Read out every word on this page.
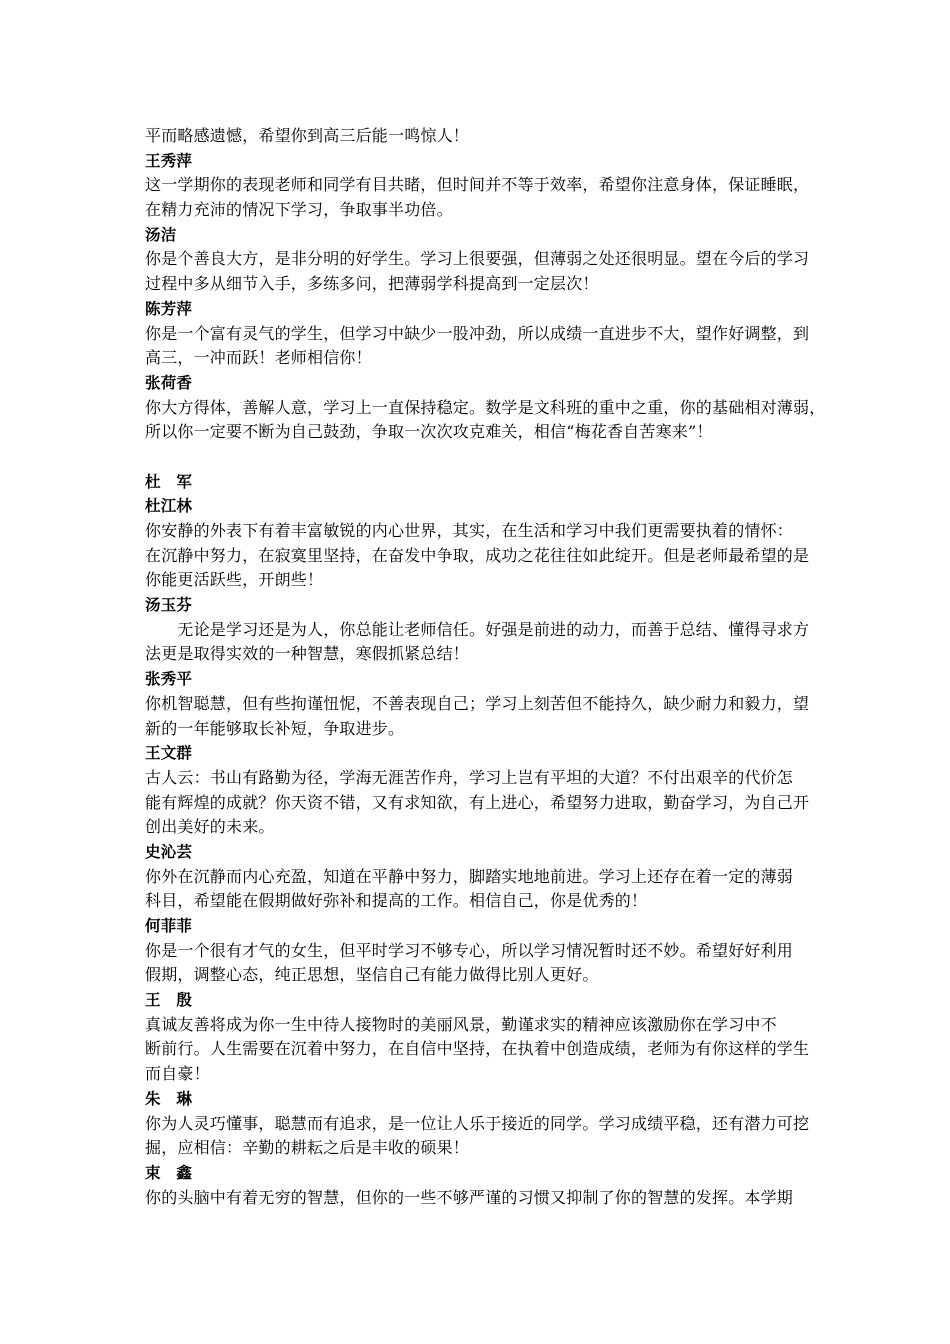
平而略感遗憾，希望你到高三后能一鸣惊人！
王秀萍
这一学期你的表现老师和同学有目共睹，但时间并不等于效率，希望你注意身体，保证睡眠，
在精力充沛的情况下学习，争取事半功倍。
汤洁
你是个善良大方，是非分明的好学生。学习上很要强，但薄弱之处还很明显。望在今后的学习
过程中多从细节入手，多练多问，把薄弱学科提高到一定层次！
陈芳萍
你是一个富有灵气的学生，但学习中缺少一股冲劲，所以成绩一直进步不大，望作好调整，到
高三，一冲而跃！老师相信你！
张荷香
你大方得体，善解人意，学习上一直保持稳定。数学是文科班的重中之重，你的基础相对薄弱，
所以你一定要不断为自己鼓劲，争取一次次攻克难关，相信“梅花香自苦寒来”！
杜　军
杜江林
你安静的外表下有着丰富敏锐的内心世界，其实，在生活和学习中我们更需要执着的情怀：
在沉静中努力，在寂寞里坚持，在奋发中争取，成功之花往往如此绽开。但是老师最希望的是
你能更活跃些，开朗些！
汤玉芬
　　无论是学习还是为人，你总能让老师信任。好强是前进的动力，而善于总结、懂得寻求方
法更是取得实效的一种智慧，寒假抓紧总结！
张秀平
你机智聪慧，但有些拘谨忸怩，不善表现自己；学习上刻苦但不能持久，缺少耐力和毅力，望
新的一年能够取长补短，争取进步。
王文群
古人云：书山有路勤为径，学海无涯苦作舟，学习上岂有平坦的大道？不付出艰辛的代价怎
能有辉煌的成就？你天资不错，又有求知欲，有上进心，希望努力进取，勤奋学习，为自己开
创出美好的未来。
史沁芸
你外在沉静而内心充盈，知道在平静中努力，脚踏实地地前进。学习上还存在着一定的薄弱
科目，希望能在假期做好弥补和提高的工作。相信自己，你是优秀的！
何菲菲
你是一个很有才气的女生，但平时学习不够专心，所以学习情况暂时还不妙。希望好好利用
假期，调整心态，纯正思想，坚信自己有能力做得比别人更好。
王　殷
真诚友善将成为你一生中待人接物时的美丽风景，勤谨求实的精神应该激励你在学习中不
断前行。人生需要在沉着中努力，在自信中坚持，在执着中创造成绩，老师为有你这样的学生
而自豪！
朱　琳
你为人灵巧懂事，聪慧而有追求，是一位让人乐于接近的同学。学习成绩平稳，还有潜力可挖
掘，应相信：辛勤的耕耘之后是丰收的硕果！
束　鑫
你的头脑中有着无穷的智慧，但你的一些不够严谨的习惯又抑制了你的智慧的发挥。本学期
